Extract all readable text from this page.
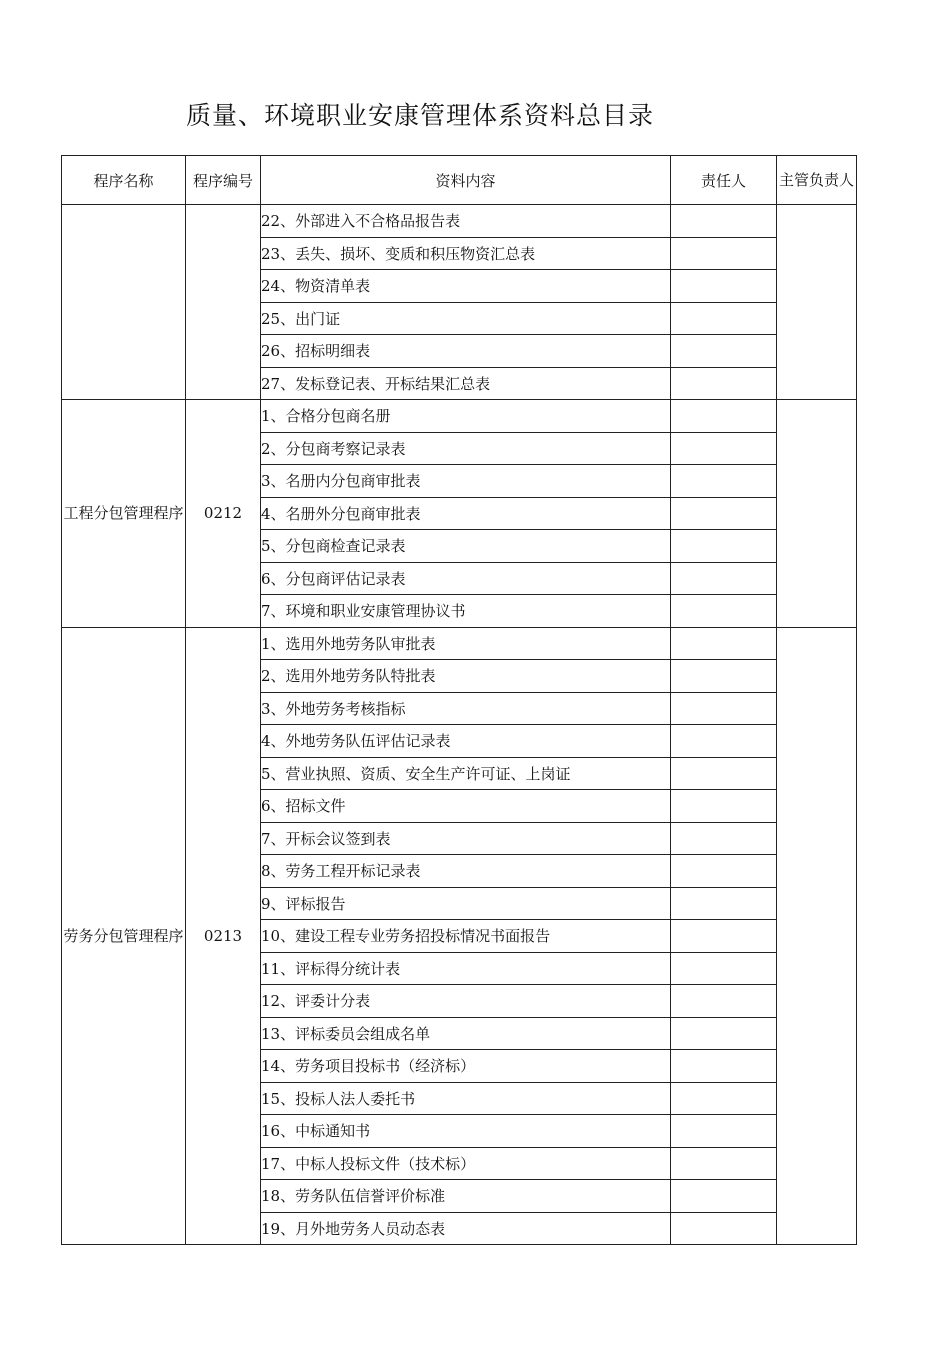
质量、环境职业安康管理体系资料总目录
程序名称	程序编号	资料内容	责任人	主管负责人
		22、外部进入不合格品报告表		
		23、丢失、损坏、变质和积压物资汇总表		
		24、物资清单表		
		25、出门证		
		26、招标明细表		
		27、发标登记表、开标结果汇总表		
工程分包管理程序	0212	1、合格分包商名册		
		2、分包商考察记录表		
		3、名册内分包商审批表		
		4、名册外分包商审批表		
		5、分包商检查记录表		
		6、分包商评估记录表		
		7、环境和职业安康管理协议书		
劳务分包管理程序	0213	1、选用外地劳务队审批表		
		2、选用外地劳务队特批表		
		3、外地劳务考核指标		
		4、外地劳务队伍评估记录表		
		5、营业执照、资质、安全生产许可证、上岗证		
		6、招标文件		
		7、开标会议签到表		
		8、劳务工程开标记录表		
		9、评标报告		
		10、建设工程专业劳务招投标情况书面报告		
		11、评标得分统计表		
		12、评委计分表		
		13、评标委员会组成名单		
		14、劳务项目投标书（经济标）		
		15、投标人法人委托书		
		16、中标通知书		
		17、中标人投标文件（技术标）		
		18、劳务队伍信誉评价标准		
		19、月外地劳务人员动态表		
